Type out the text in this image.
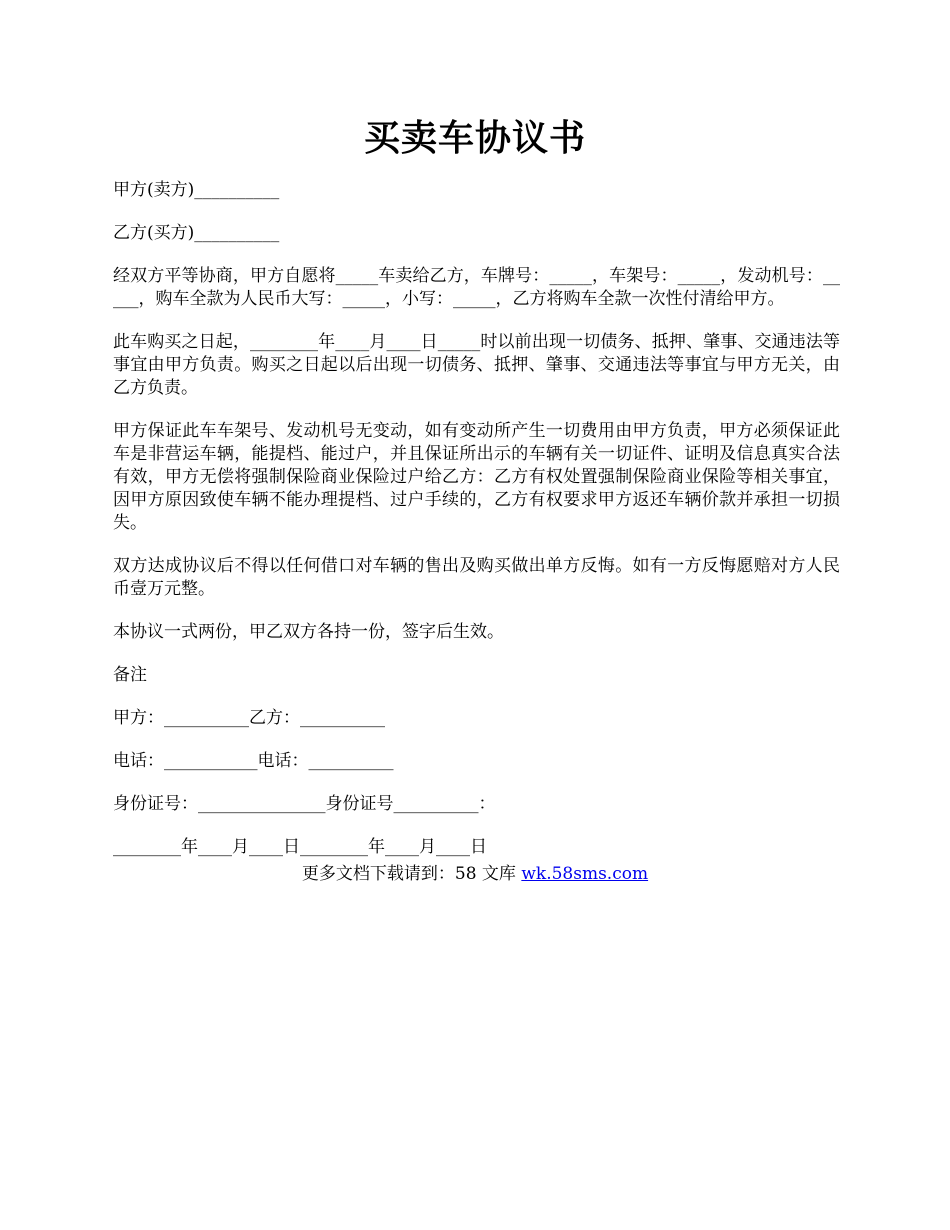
买卖车协议书

甲方(卖方)__________

乙方(买方)__________

经双方平等协商，甲方自愿将_____车卖给乙方，车牌号：_____，车架号：_____，发动机号：_____，购车全款为人民币大写：_____，小写：_____，乙方将购车全款一次性付清给甲方。

此车购买之日起，________年____月____日_____时以前出现一切债务、抵押、肇事、交通违法等事宜由甲方负责。购买之日起以后出现一切债务、抵押、肇事、交通违法等事宜与甲方无关，由乙方负责。

甲方保证此车车架号、发动机号无变动，如有变动所产生一切费用由甲方负责，甲方必须保证此车是非营运车辆，能提档、能过户，并且保证所出示的车辆有关一切证件、证明及信息真实合法有效，甲方无偿将强制保险商业保险过户给乙方：乙方有权处置强制保险商业保险等相关事宜，因甲方原因致使车辆不能办理提档、过户手续的，乙方有权要求甲方返还车辆价款并承担一切损失。

双方达成协议后不得以任何借口对车辆的售出及购买做出单方反悔。如有一方反悔愿赔对方人民币壹万元整。

本协议一式两份，甲乙双方各持一份，签字后生效。

备注

甲方：__________乙方：__________

电话：___________电话：__________

身份证号：_______________身份证号__________：

________年____月____日________年____月____日

更多文档下载请到：58 文库 wk.58sms.com
